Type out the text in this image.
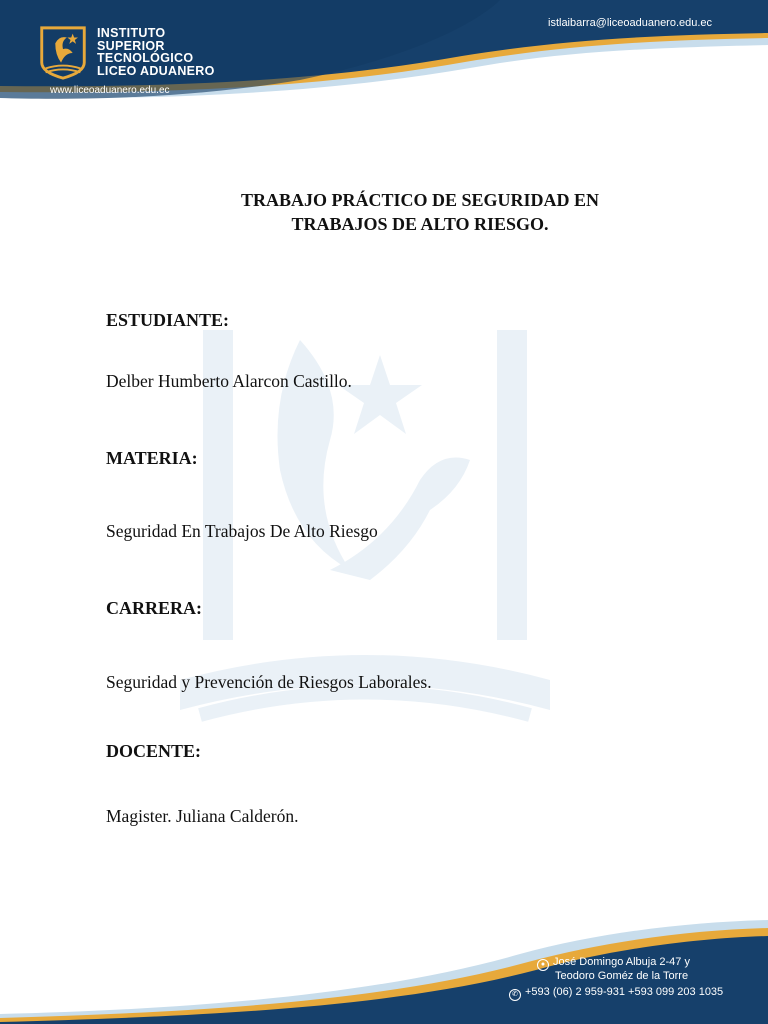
INSTITUTO
SUPERIOR
TECNOLÓGICO
LICEO ADUANERO
www.liceoaduanero.edu.ec
istlaibarra@liceoaduanero.edu.ec
TRABAJO PRÁCTICO DE SEGURIDAD EN
TRABAJOS DE ALTO RIESGO.
ESTUDIANTE:
Delber Humberto Alarcon Castillo.
MATERIA:
Seguridad En Trabajos De Alto Riesgo
CARRERA:
Seguridad y Prevención de Riesgos Laborales.
DOCENTE:
Magister. Juliana Calderón.
● José Domingo Albuja 2-47 y
Teodoro Goméz de la Torre
✆ +593 (06) 2 959-931 +593 099 203 1035
